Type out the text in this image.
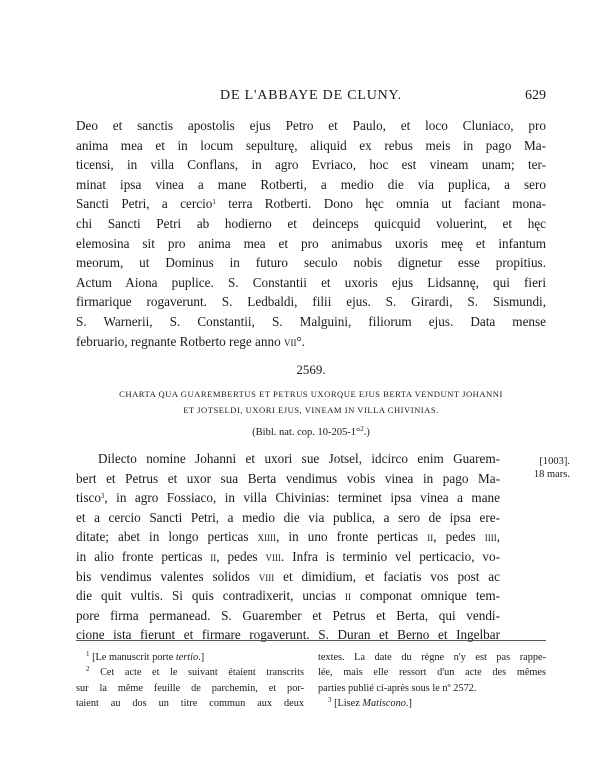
DE L'ABBAYE DE CLUNY.	629
Deo et sanctis apostolis ejus Petro et Paulo, et loco Cluniaco, pro
anima mea et in locum sepulturę, aliquid ex rebus meis in pago Ma-
ticensi, in villa Conflans, in agro Evriaco, hoc est vineam unam; ter-
minat ipsa vinea a mane Rotberti, a medio die via puplica, a sero
Sancti Petri, a cercio$^1$ terra Rotberti. Dono hęc omnia ut faciant mona-
chi Sancti Petri ab hodierno et deinceps quicquid voluerint, et hęc
elemosina sit pro anima mea et pro animabus uxoris meę et infantum
meorum, ut Dominus in futuro seculo nobis dignetur esse propitius.
Actum Aiona puplice. S. Constantii et uxoris ejus Lidsannę, qui fieri
firmarique rogaverunt. S. Ledbaldi, filii ejus. S. Girardi, S. Sismundi,
S. Warnerii, S. Constantii, S. Malguini, filiorum ejus. Data mense
februario, regnante Rotberto rege anno vii°.
2569.
CHARTA QUA GUAREMBERTUS ET PETRUS UXORQUE EJUS BERTA VENDUNT JOHANNI
ET JOTSELDI, UXORI EJUS, VINEAM IN VILLA CHIVINIAS.
(Bibl. nat. cop. 10-205-1°$^2$.)
[1003].
18 mars.
Dilecto nomine Johanni et uxori sue Jotsel, idcirco enim Guarem-
bert et Petrus et uxor sua Berta vendimus vobis vinea in pago Ma-
tisco$^3$, in agro Fossiaco, in villa Chivinias: terminet ipsa vinea a mane
et a cercio Sancti Petri, a medio die via publica, a sero de ipsa ere-
ditate; abet in longo perticas xiiii, in uno fronte perticas ii, pedes iiii,
in alio fronte perticas ii, pedes viii. Infra is terminio vel perticacio, vo-
bis vendimus valentes solidos viii et dimidium, et faciatis vos post ac
die quit vultis. Si quis contradixerit, uncias ii componat omnique tem-
pore firma permanead. S. Guarember et Petrus et Berta, qui vendi-
cione ista fierunt et firmare rogaverunt. S. Duran et Berno et Ingelbar
$^1$ [Le manuscrit porte tertio.]
$^2$ Cet acte et le suivant étaient transcrits
sur la même feuille de parchemin, et por-
taient au dos un titre commun aux deux
textes. La date du règne n'y est pas rappe-
lée, mais elle ressort d'un acte des mêmes
parties publié ci-après sous le nº 2572.
$^3$ [Lisez Matiscono.]
